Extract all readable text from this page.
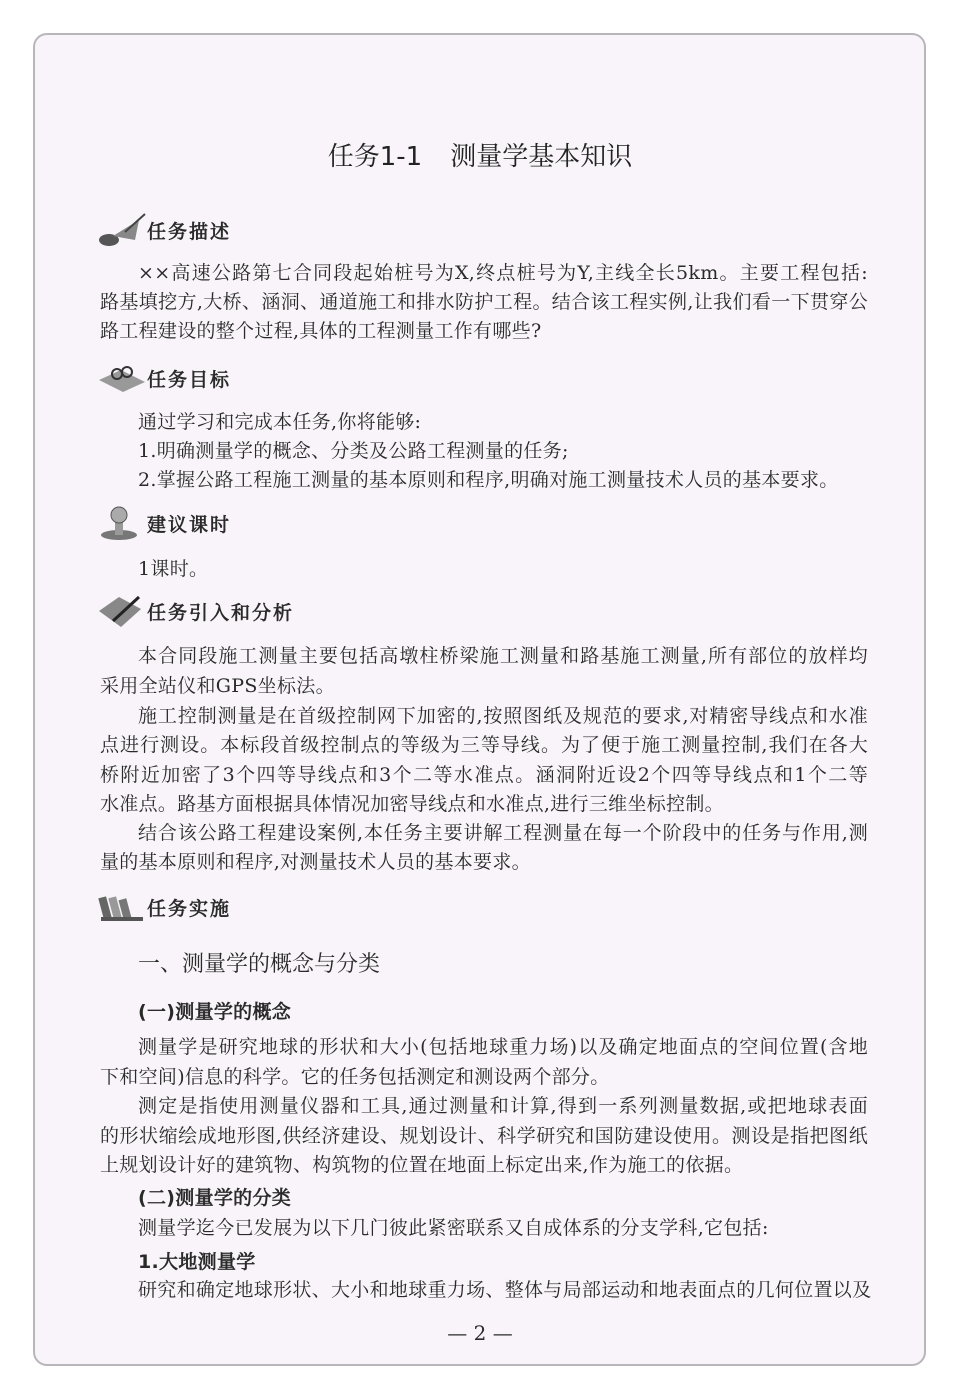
任务1-1 测量学基本知识
任务描述
××高速公路第七合同段起始桩号为X,终点桩号为Y,主线全长5km。主要工程包括:
路基填挖方,大桥、涵洞、通道施工和排水防护工程。结合该工程实例,让我们看一下贯穿公
路工程建设的整个过程,具体的工程测量工作有哪些?
任务目标
通过学习和完成本任务,你将能够:
1.明确测量学的概念、分类及公路工程测量的任务;
2.掌握公路工程施工测量的基本原则和程序,明确对施工测量技术人员的基本要求。
建议课时
1课时。
任务引入和分析
本合同段施工测量主要包括高墩柱桥梁施工测量和路基施工测量,所有部位的放样均
采用全站仪和GPS坐标法。
施工控制测量是在首级控制网下加密的,按照图纸及规范的要求,对精密导线点和水准
点进行测设。本标段首级控制点的等级为三等导线。为了便于施工测量控制,我们在各大
桥附近加密了3个四等导线点和3个二等水准点。涵洞附近设2个四等导线点和1个二等
水准点。路基方面根据具体情况加密导线点和水准点,进行三维坐标控制。
结合该公路工程建设案例,本任务主要讲解工程测量在每一个阶段中的任务与作用,测
量的基本原则和程序,对测量技术人员的基本要求。
任务实施
一、测量学的概念与分类
(一)测量学的概念
测量学是研究地球的形状和大小(包括地球重力场)以及确定地面点的空间位置(含地
下和空间)信息的科学。它的任务包括测定和测设两个部分。
测定是指使用测量仪器和工具,通过测量和计算,得到一系列测量数据,或把地球表面
的形状缩绘成地形图,供经济建设、规划设计、科学研究和国防建设使用。测设是指把图纸
上规划设计好的建筑物、构筑物的位置在地面上标定出来,作为施工的依据。
(二)测量学的分类
测量学迄今已发展为以下几门彼此紧密联系又自成体系的分支学科,它包括:
1.大地测量学
研究和确定地球形状、大小和地球重力场、整体与局部运动和地表面点的几何位置以及
— 2 —
